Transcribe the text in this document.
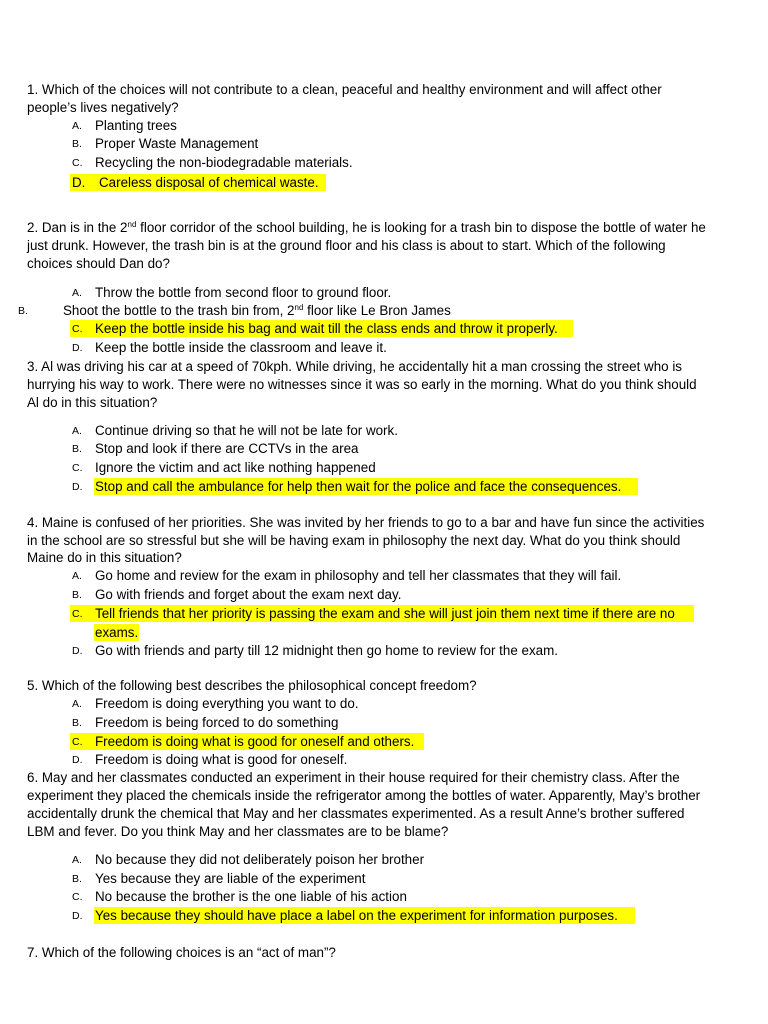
1. Which of the choices will not contribute to a clean, peaceful and healthy environment and will affect other
people’s lives negatively?
A. Planting trees
B. Proper Waste Management
C. Recycling the non-biodegradable materials.
D.	Careless disposal of chemical waste.
2. Dan is in the 2nd floor corridor of the school building, he is looking for a trash bin to dispose the bottle of water he
just drunk. However, the trash bin is at the ground floor and his class is about to start. Which of the following
choices should Dan do?
A. Throw the bottle from second floor to ground floor.
B.	Shoot the bottle to the trash bin from, 2nd floor like Le Bron James
C. Keep the bottle inside his bag and wait till the class ends and throw it properly.
D. Keep the bottle inside the classroom and leave it.
3. Al was driving his car at a speed of 70kph. While driving, he accidentally hit a man crossing the street who is
hurrying his way to work. There were no witnesses since it was so early in the morning. What do you think should
Al do in this situation?
A. Continue driving so that he will not be late for work.
B. Stop and look if there are CCTVs in the area
C. Ignore the victim and act like nothing happened
D. Stop and call the ambulance for help then wait for the police and face the consequences.
4. Maine is confused of her priorities. She was invited by her friends to go to a bar and have fun since the activities
in the school are so stressful but she will be having exam in philosophy the next day. What do you think should
Maine do in this situation?
A. Go home and review for the exam in philosophy and tell her classmates that they will fail.
B. Go with friends and forget about the exam next day.
C. Tell friends that her priority is passing the exam and she will just join them next time if there are no
exams.
D. Go with friends and party till 12 midnight then go home to review for the exam.
5. Which of the following best describes the philosophical concept freedom?
A. Freedom is doing everything you want to do.
B. Freedom is being forced to do something
C. Freedom is doing what is good for oneself and others.
D. Freedom is doing what is good for oneself.
6. May and her classmates conducted an experiment in their house required for their chemistry class. After the
experiment they placed the chemicals inside the refrigerator among the bottles of water. Apparently, May’s brother
accidentally drunk the chemical that May and her classmates experimented. As a result Anne’s brother suffered
LBM and fever. Do you think May and her classmates are to be blame?
A. No because they did not deliberately poison her brother
B. Yes because they are liable of the experiment
C. No because the brother is the one liable of his action
D. Yes because they should have place a label on the experiment for information purposes.
7. Which of the following choices is an “act of man”?
